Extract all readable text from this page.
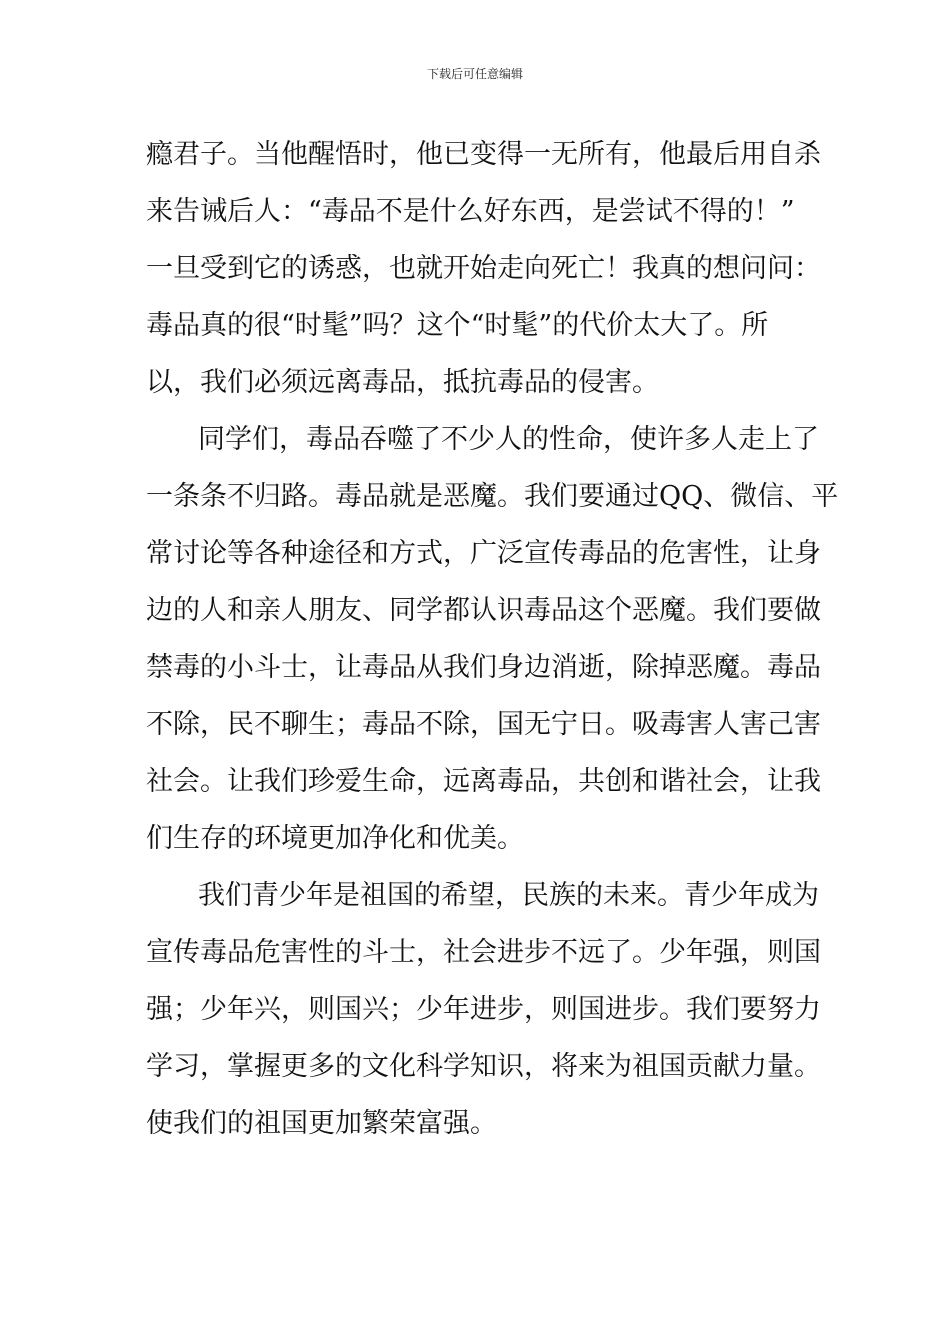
下载后可任意编辑
瘾君子。当他醒悟时，他已变得一无所有，他最后用自杀
来告诫后人：“毒品不是什么好东西，是尝试不得的！”
一旦受到它的诱惑，也就开始走向死亡！我真的想问问：
毒品真的很“时髦”吗？这个“时髦”的代价太大了。所
以，我们必须远离毒品，抵抗毒品的侵害。
同学们，毒品吞噬了不少人的性命，使许多人走上了
一条条不归路。毒品就是恶魔。我们要通过QQ、微信、平
常讨论等各种途径和方式，广泛宣传毒品的危害性，让身
边的人和亲人朋友、同学都认识毒品这个恶魔。我们要做
禁毒的小斗士，让毒品从我们身边消逝，除掉恶魔。毒品
不除，民不聊生；毒品不除，国无宁日。吸毒害人害己害
社会。让我们珍爱生命，远离毒品，共创和谐社会，让我
们生存的环境更加净化和优美。
我们青少年是祖国的希望，民族的未来。青少年成为
宣传毒品危害性的斗士，社会进步不远了。少年强，则国
强；少年兴，则国兴；少年进步，则国进步。我们要努力
学习，掌握更多的文化科学知识，将来为祖国贡献力量。
使我们的祖国更加繁荣富强。
